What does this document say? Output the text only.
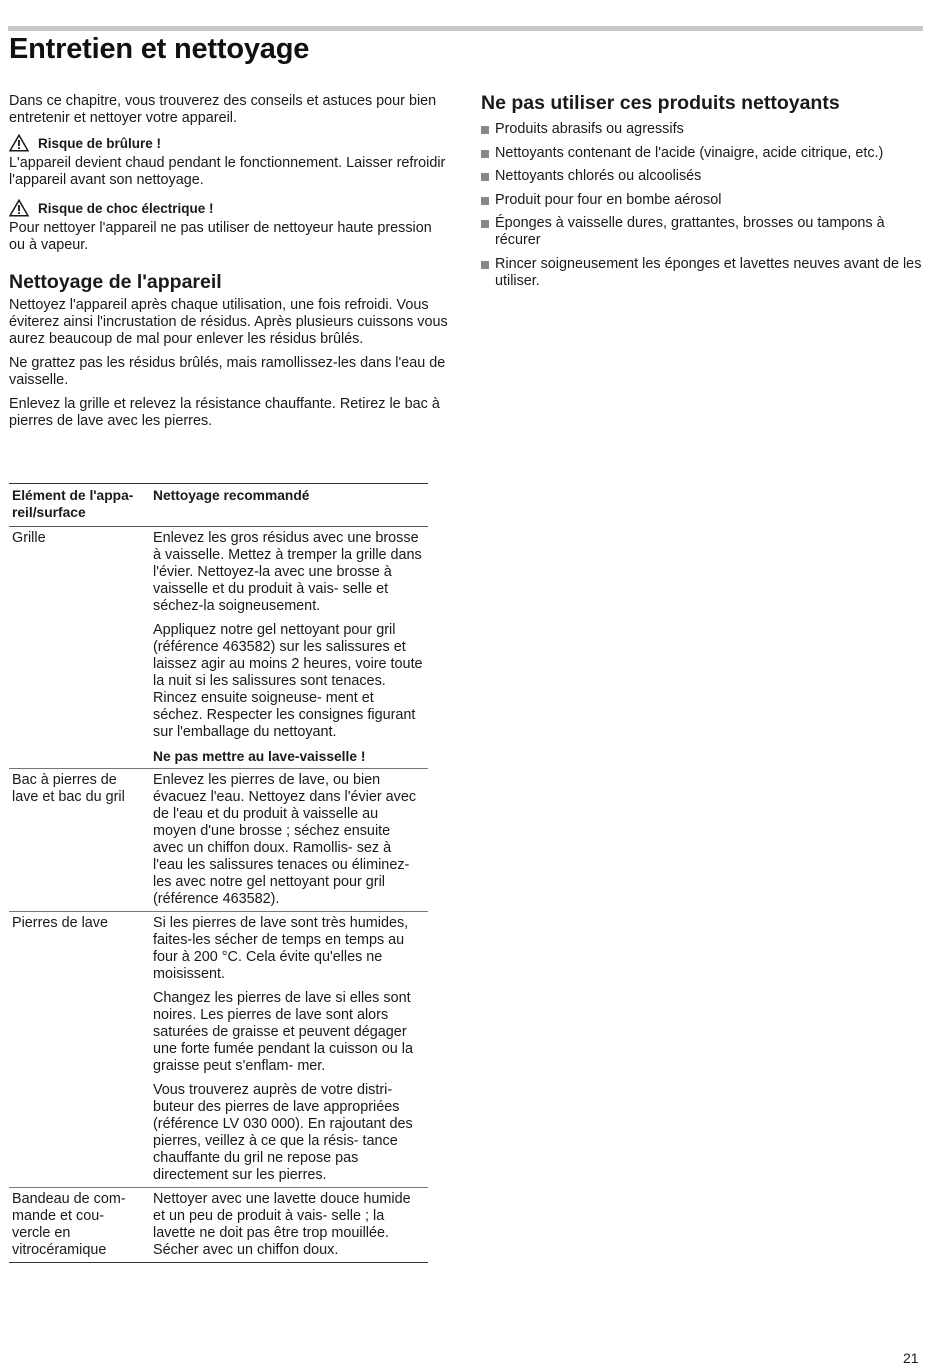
Entretien et nettoyage

Dans ce chapitre, vous trouverez des conseils et astuces pour bien entretenir et nettoyer votre appareil.

Risque de brûlure !

L'appareil devient chaud pendant le fonctionnement. Laisser refroidir l'appareil avant son nettoyage.

Risque de choc électrique !

Pour nettoyer l'appareil ne pas utiliser de nettoyeur haute pression ou à vapeur.

Nettoyage de l'appareil

Nettoyez l'appareil après chaque utilisation, une fois refroidi. Vous éviterez ainsi l'incrustation de résidus. Après plusieurs cuissons vous aurez beaucoup de mal pour enlever les résidus brûlés.

Ne grattez pas les résidus brûlés, mais ramollissez-les dans l'eau de vaisselle.

Enlevez la grille et relevez la résistance chauffante. Retirez le bac à pierres de lave avec les pierres.

Elément de l'appa- reil/surface	Nettoyage recommandé
Grille	Enlevez les gros résidus avec une brosse à vaisselle. Mettez à tremper la grille dans l'évier. Nettoyez-la avec une brosse à vaisselle et du produit à vais- selle et séchez-la soigneusement.

Appliquez notre gel nettoyant pour gril (référence 463582) sur les salissures et laissez agir au moins 2 heures, voire toute la nuit si les salissures sont tenaces. Rincez ensuite soigneuse- ment et séchez. Respecter les consignes figurant sur l'emballage du nettoyant.

Ne pas mettre au lave-vaisselle !

Bac à pierres de lave et bac du gril	Enlevez les pierres de lave, ou bien évacuez l'eau. Nettoyez dans l'évier avec de l'eau et du produit à vaisselle au moyen d'une brosse ; séchez ensuite avec un chiffon doux. Ramollis- sez à l'eau les salissures tenaces ou éliminez-les avec notre gel nettoyant pour gril (référence 463582).

Pierres de lave	Si les pierres de lave sont très humides, faites-les sécher de temps en temps au four à 200 °C. Cela évite qu'elles ne moisissent.

Changez les pierres de lave si elles sont noires. Les pierres de lave sont alors saturées de graisse et peuvent dégager une forte fumée pendant la cuisson ou la graisse peut s'enflam- mer.

Vous trouverez auprès de votre distri- buteur des pierres de lave appropriées (référence LV 030 000). En rajoutant des pierres, veillez à ce que la résis- tance chauffante du gril ne repose pas directement sur les pierres.

Bandeau de com- mande et cou- vercle en vitrocéramique	Nettoyer avec une lavette douce humide et un peu de produit à vais- selle ; la lavette ne doit pas être trop mouillée. Sécher avec un chiffon doux.

Ne pas utiliser ces produits nettoyants
Produits abrasifs ou agressifs
Nettoyants contenant de l'acide (vinaigre, acide citrique, etc.)
Nettoyants chlorés ou alcoolisés
Produit pour four en bombe aérosol
Éponges à vaisselle dures, grattantes, brosses ou tampons à récurer
Rincer soigneusement les éponges et lavettes neuves avant de les utiliser.
21
